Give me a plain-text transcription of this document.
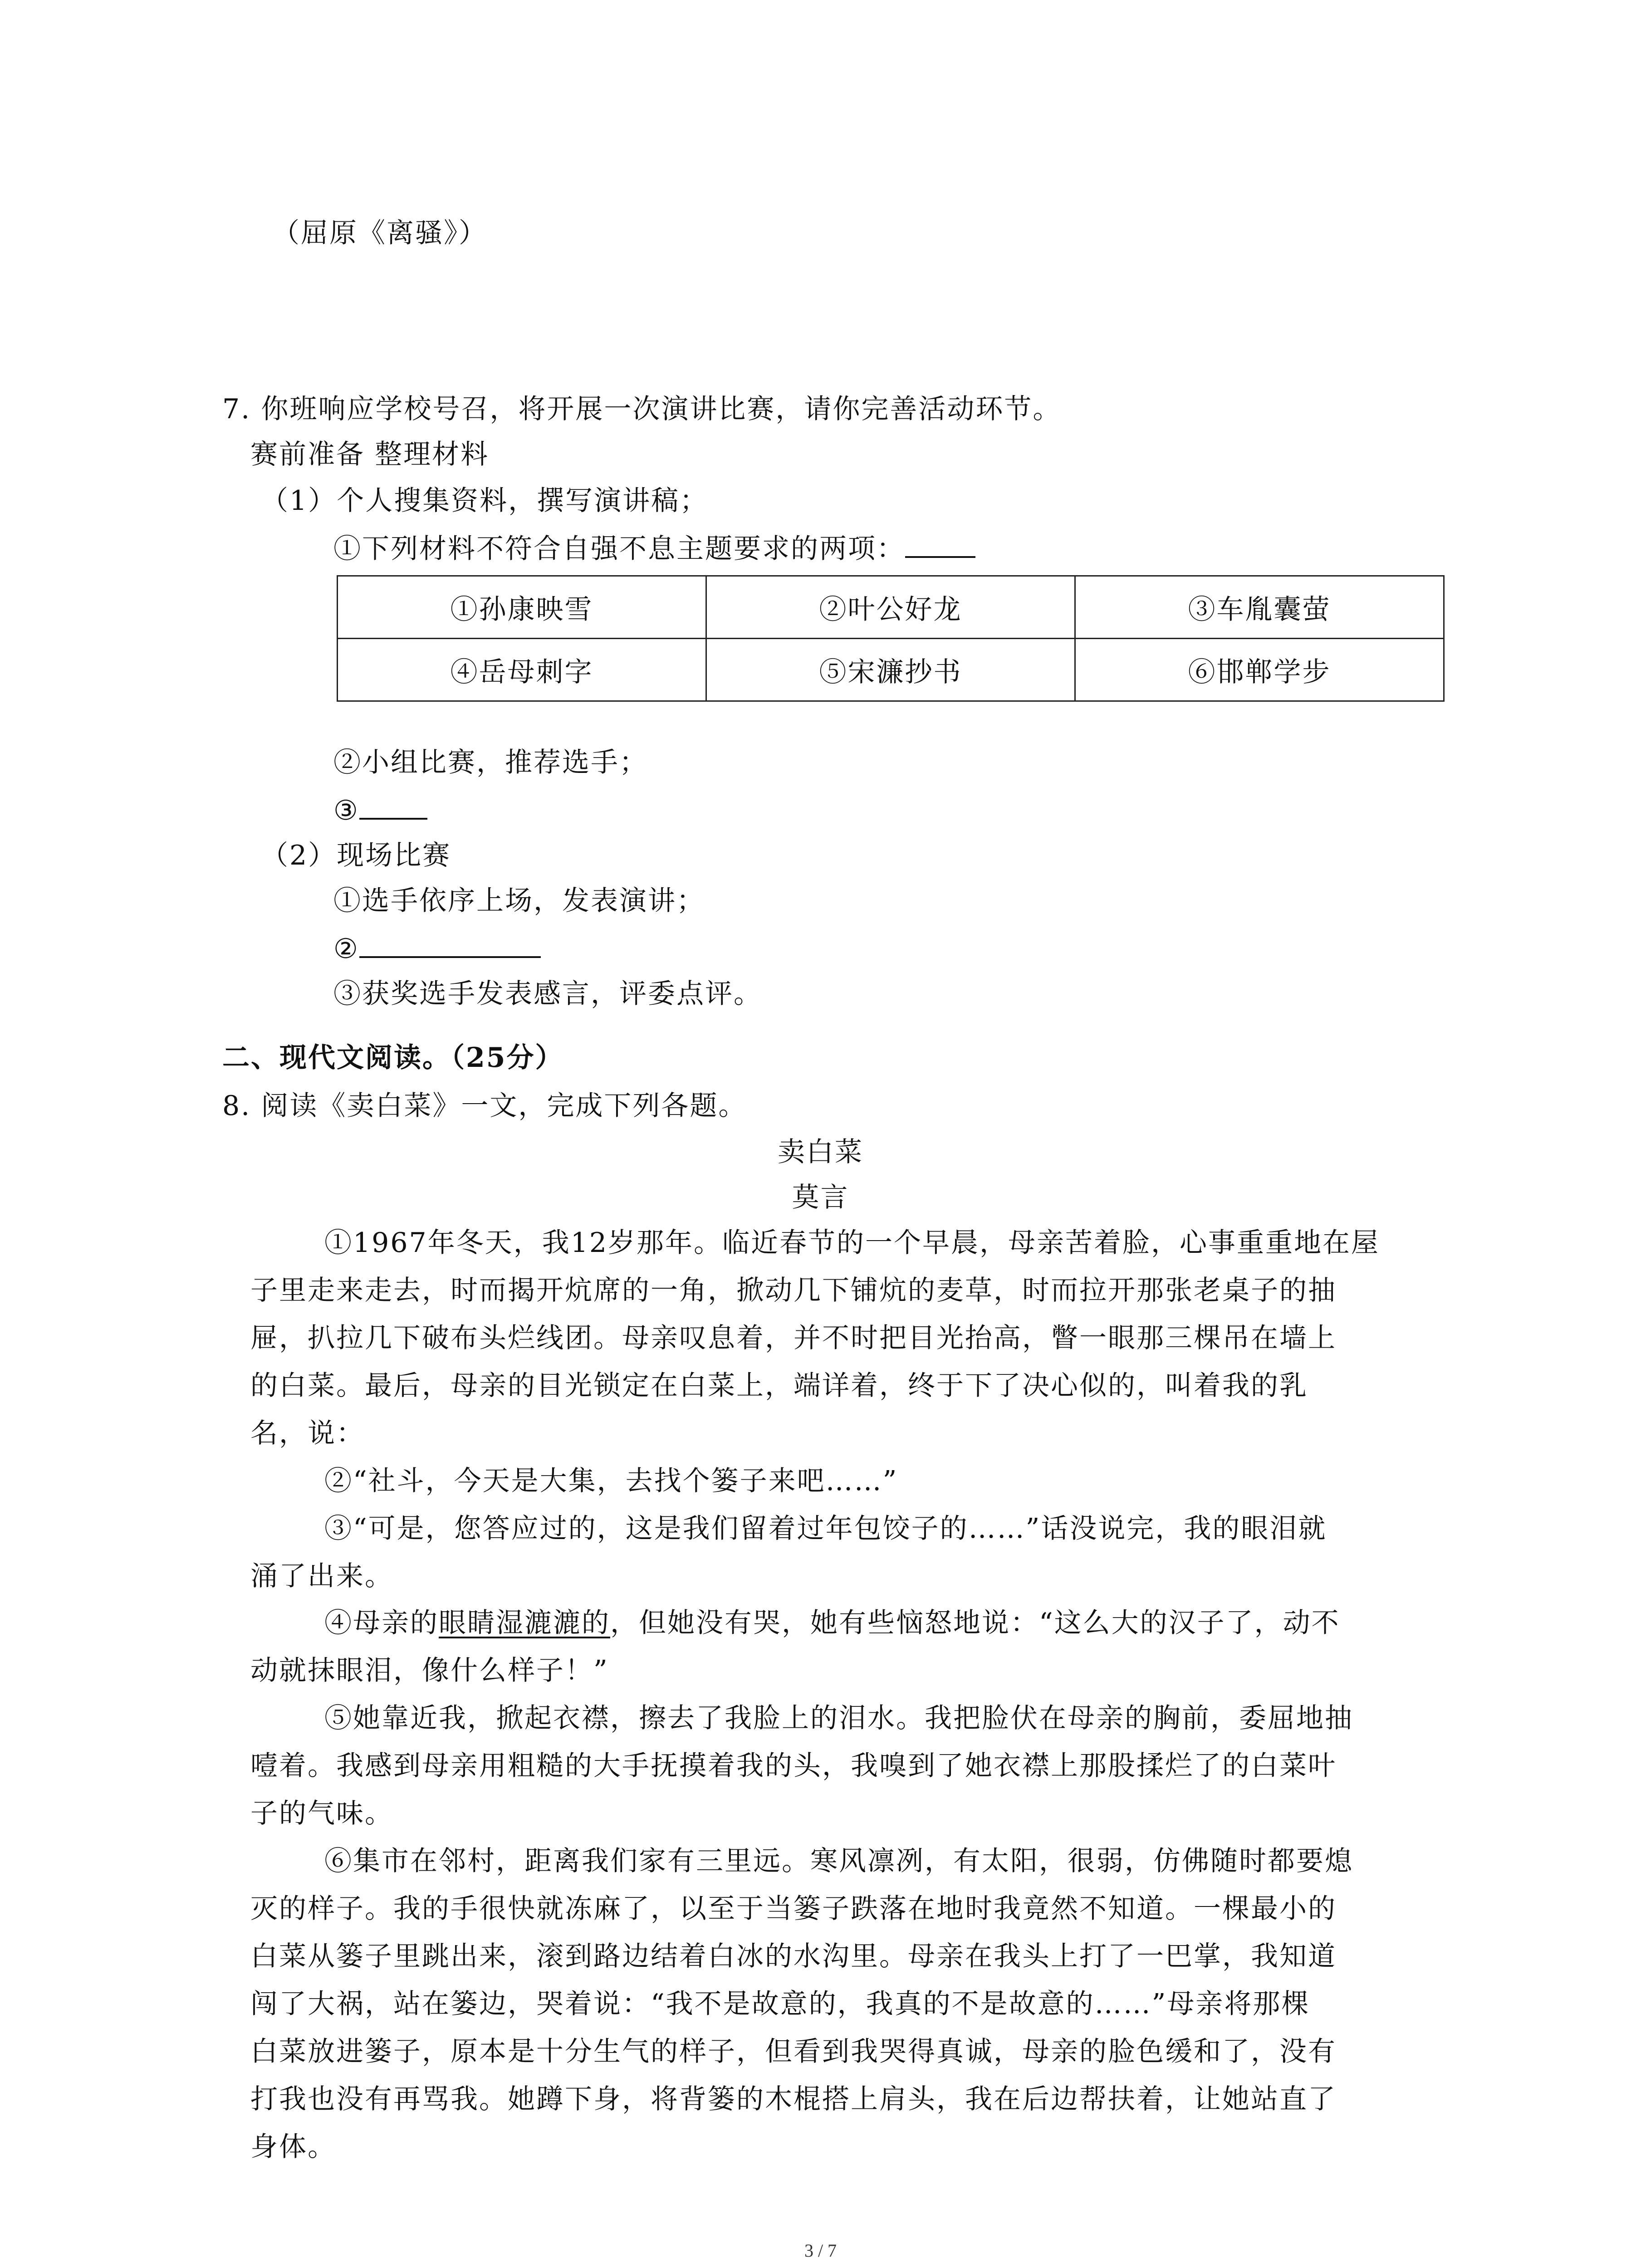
（屈原《离骚》）
7. 你班响应学校号召，将开展一次演讲比赛，请你完善活动环节。
赛前准备 整理材料
（1）个人搜集资料，撰写演讲稿；
①下列材料不符合自强不息主题要求的两项：
①孙康映雪	②叶公好龙	③车胤囊萤
④岳母刺字	⑤宋濂抄书	⑥邯郸学步
②小组比赛，推荐选手；
③
（2）现场比赛
①选手依序上场，发表演讲；
②
③获奖选手发表感言，评委点评。
二、现代文阅读。（25分）
8. 阅读《卖白菜》一文，完成下列各题。
卖白菜
莫言
①1967年冬天，我12岁那年。临近春节的一个早晨，母亲苦着脸，心事重重地在屋
子里走来走去，时而揭开炕席的一角，掀动几下铺炕的麦草，时而拉开那张老桌子的抽
屉，扒拉几下破布头烂线团。母亲叹息着，并不时把目光抬高，瞥一眼那三棵吊在墙上
的白菜。最后，母亲的目光锁定在白菜上，端详着，终于下了决心似的，叫着我的乳
名，说：
②“社斗，今天是大集，去找个篓子来吧……”
③“可是，您答应过的，这是我们留着过年包饺子的……”话没说完，我的眼泪就
涌了出来。
④母亲的眼睛湿漉漉的，但她没有哭，她有些恼怒地说：“这么大的汉子了，动不
动就抹眼泪，像什么样子！”
⑤她靠近我，掀起衣襟，擦去了我脸上的泪水。我把脸伏在母亲的胸前，委屈地抽
噎着。我感到母亲用粗糙的大手抚摸着我的头，我嗅到了她衣襟上那股揉烂了的白菜叶
子的气味。
⑥集市在邻村，距离我们家有三里远。寒风凛冽，有太阳，很弱，仿佛随时都要熄
灭的样子。我的手很快就冻麻了，以至于当篓子跌落在地时我竟然不知道。一棵最小的
白菜从篓子里跳出来，滚到路边结着白冰的水沟里。母亲在我头上打了一巴掌，我知道
闯了大祸，站在篓边，哭着说：“我不是故意的，我真的不是故意的……”母亲将那棵
白菜放进篓子，原本是十分生气的样子，但看到我哭得真诚，母亲的脸色缓和了，没有
打我也没有再骂我。她蹲下身，将背篓的木棍搭上肩头，我在后边帮扶着，让她站直了
身体。
3 / 7
